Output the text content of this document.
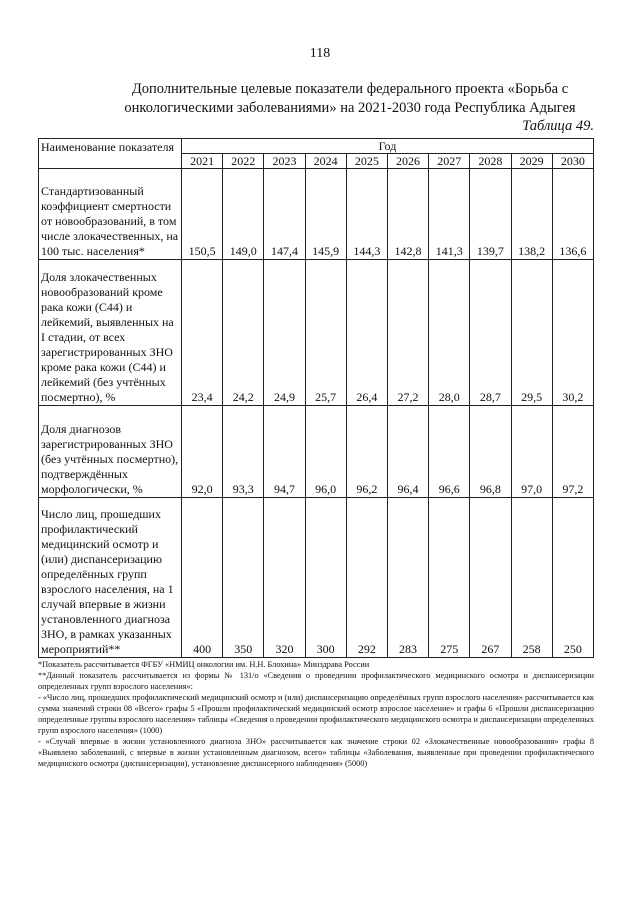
118
Дополнительные целевые показатели федерального проекта «Борьба с онкологическими заболеваниями» на 2021-2030 года Республика Адыгея
Таблица 49.
Наименование показателя	Год									
	2021	2022	2023	2024	2025	2026	2027	2028	2029	2030
Стандартизованный коэффициент смертности от новообразований, в том числе злокачественных, на 100 тыс. населения*	150,5	149,0	147,4	145,9	144,3	142,8	141,3	139,7	138,2	136,6
Доля злокачественных новообразований кроме рака кожи (С44) и лейкемий, выявленных на I стадии, от всех зарегистрированных ЗНО кроме рака кожи (С44) и лейкемий (без учтённых посмертно), %	23,4	24,2	24,9	25,7	26,4	27,2	28,0	28,7	29,5	30,2
Доля диагнозов зарегистрированных ЗНО (без учтённых посмертно), подтверждённых морфологически, %	92,0	93,3	94,7	96,0	96,2	96,4	96,6	96,8	97,0	97,2
Число лиц, прошедших профилактический медицинский осмотр и (или) диспансеризацию определённых групп взрослого населения, на 1 случай впервые в жизни установленного диагноза ЗНО, в рамках указанных мероприятий**	400	350	320	300	292	283	275	267	258	250

*Показатель рассчитывается ФГБУ «НМИЦ онкологии им. Н.Н. Блохина» Минздрава России

**Данный показатель рассчитывается из формы № 131/о «Сведения о проведении профилактического медицинского осмотра и диспансеризации определенных групп взрослого населения»:

- «Число лиц, прошедших профилактический медицинский осмотр и (или) диспансеризацию определённых групп взрослого населения» рассчитывается как сумма значений строки 08 «Всего» графы 5 «Прошли профилактический медицинский осмотр взрослое население» и графы 6 «Прошли диспансеризацию определенные группы взрослого населения» таблицы «Сведения о проведении профилактического медицинского осмотра и диспансеризации определенных групп взрослого населения» (1000)

- «Случай впервые в жизни установленного диагноза ЗНО» рассчитывается как значение строки 02 «Злокачественные новообразования» графы 8 «Выявлено заболеваний, с впервые в жизни установленным диагнозом, всего» таблицы «Заболевания, выявленные при проведении профилактического медицинского осмотра (диспансеризации), установление диспансерного наблюдения» (5000)
